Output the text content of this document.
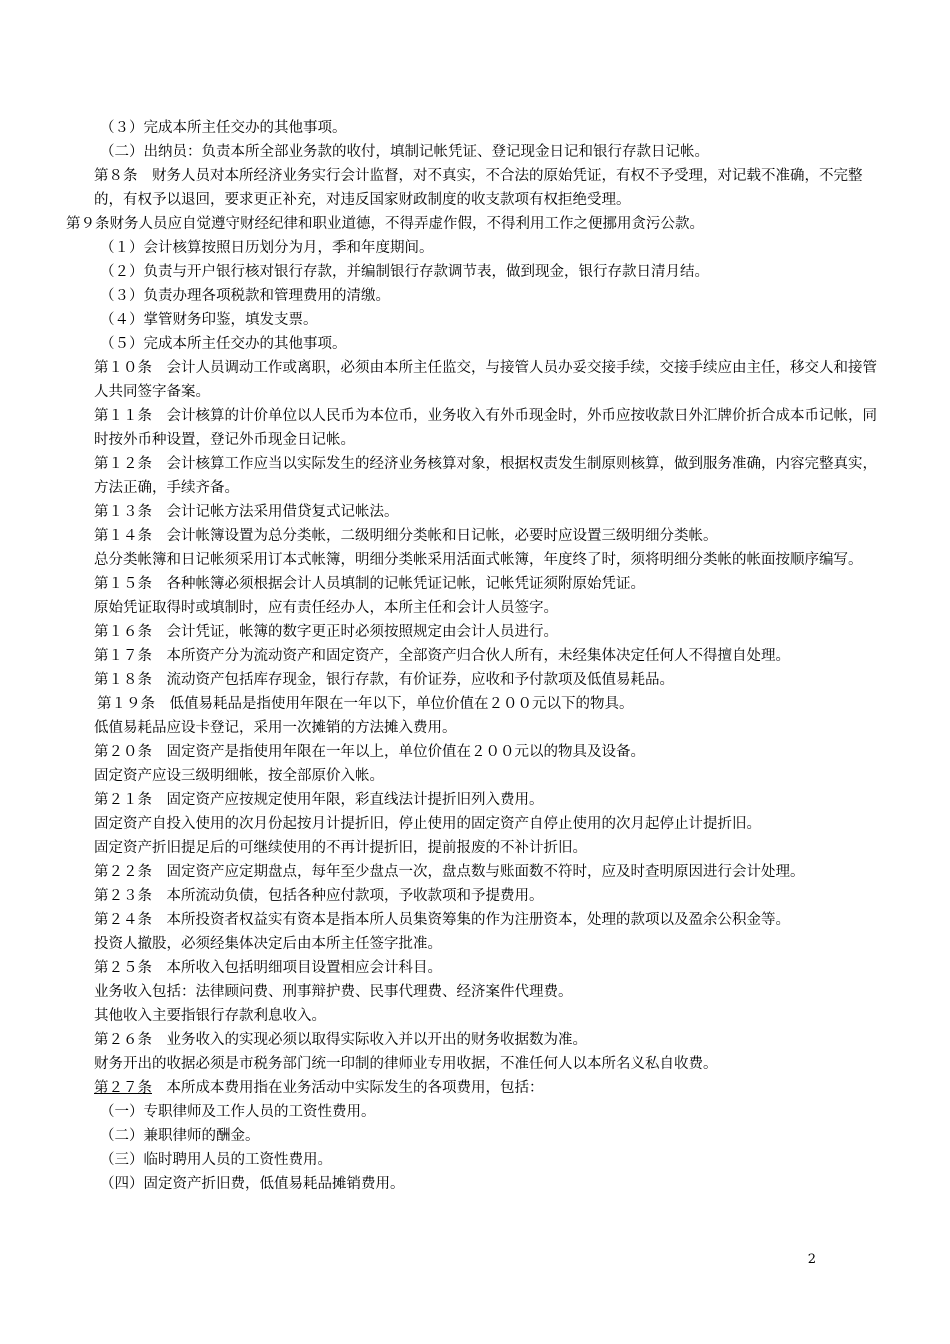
（３）完成本所主任交办的其他事项。
（二）出纳员：负责本所全部业务款的收付，填制记帐凭证、登记现金日记和银行存款日记帐。
第８条　财务人员对本所经济业务实行会计监督，对不真实，不合法的原始凭证，有权不予受理，对记载不准确，不完整的，有权予以退回，要求更正补充，对违反国家财政制度的收支款项有权拒绝受理。
第９条财务人员应自觉遵守财经纪律和职业道德，不得弄虚作假，不得利用工作之便挪用贪污公款。
（１）会计核算按照日历划分为月，季和年度期间。
（２）负责与开户银行核对银行存款，并编制银行存款调节表，做到现金，银行存款日清月结。
（３）负责办理各项税款和管理费用的清缴。
（４）掌管财务印鉴，填发支票。
（５）完成本所主任交办的其他事项。
第１０条　会计人员调动工作或离职，必须由本所主任监交，与接管人员办妥交接手续，交接手续应由主任，移交人和接管人共同签字备案。
第１１条　会计核算的计价单位以人民币为本位币，业务收入有外币现金时，外币应按收款日外汇牌价折合成本币记帐，同时按外币种设置，登记外币现金日记帐。
第１２条　会计核算工作应当以实际发生的经济业务核算对象，根据权责发生制原则核算，做到服务准确，内容完整真实，方法正确，手续齐备。
第１３条　会计记帐方法采用借贷复式记帐法。
第１４条　会计帐簿设置为总分类帐，二级明细分类帐和日记帐，必要时应设置三级明细分类帐。
总分类帐簿和日记帐须采用订本式帐簿，明细分类帐采用活面式帐簿，年度终了时，须将明细分类帐的帐面按顺序编写。
第１５条　各种帐簿必须根据会计人员填制的记帐凭证记帐，记帐凭证须附原始凭证。
原始凭证取得时或填制时，应有责任经办人，本所主任和会计人员签字。
第１６条　会计凭证，帐簿的数字更正时必须按照规定由会计人员进行。
第１７条　本所资产分为流动资产和固定资产，全部资产归合伙人所有，未经集体决定任何人不得擅自处理。
第１８条　流动资产包括库存现金，银行存款，有价证券，应收和予付款项及低值易耗品。
第１９条　低值易耗品是指使用年限在一年以下，单位价值在２００元以下的物具。
低值易耗品应设卡登记，采用一次摊销的方法摊入费用。
第２０条　固定资产是指使用年限在一年以上，单位价值在２００元以的物具及设备。
固定资产应设三级明细帐，按全部原价入帐。
第２１条　固定资产应按规定使用年限，彩直线法计提折旧列入费用。
固定资产自投入使用的次月份起按月计提折旧，停止使用的固定资产自停止使用的次月起停止计提折旧。
固定资产折旧提足后的可继续使用的不再计提折旧，提前报废的不补计折旧。
第２２条　固定资产应定期盘点，每年至少盘点一次，盘点数与账面数不符时，应及时查明原因进行会计处理。
第２３条　本所流动负债，包括各种应付款项，予收款项和予提费用。
第２４条　本所投资者权益实有资本是指本所人员集资筹集的作为注册资本，处理的款项以及盈余公积金等。
投资人撤股，必须经集体决定后由本所主任签字批准。
第２５条　本所收入包括明细项目设置相应会计科目。
业务收入包括：法律顾问费、刑事辩护费、民事代理费、经济案件代理费。
其他收入主要指银行存款利息收入。
第２６条　业务收入的实现必须以取得实际收入并以开出的财务收据数为准。
财务开出的收据必须是市税务部门统一印制的律师业专用收据，不准任何人以本所名义私自收费。
第２７条　本所成本费用指在业务活动中实际发生的各项费用，包括：
（一）专职律师及工作人员的工资性费用。
（二）兼职律师的酬金。
（三）临时聘用人员的工资性费用。
（四）固定资产折旧费，低值易耗品摊销费用。
2
